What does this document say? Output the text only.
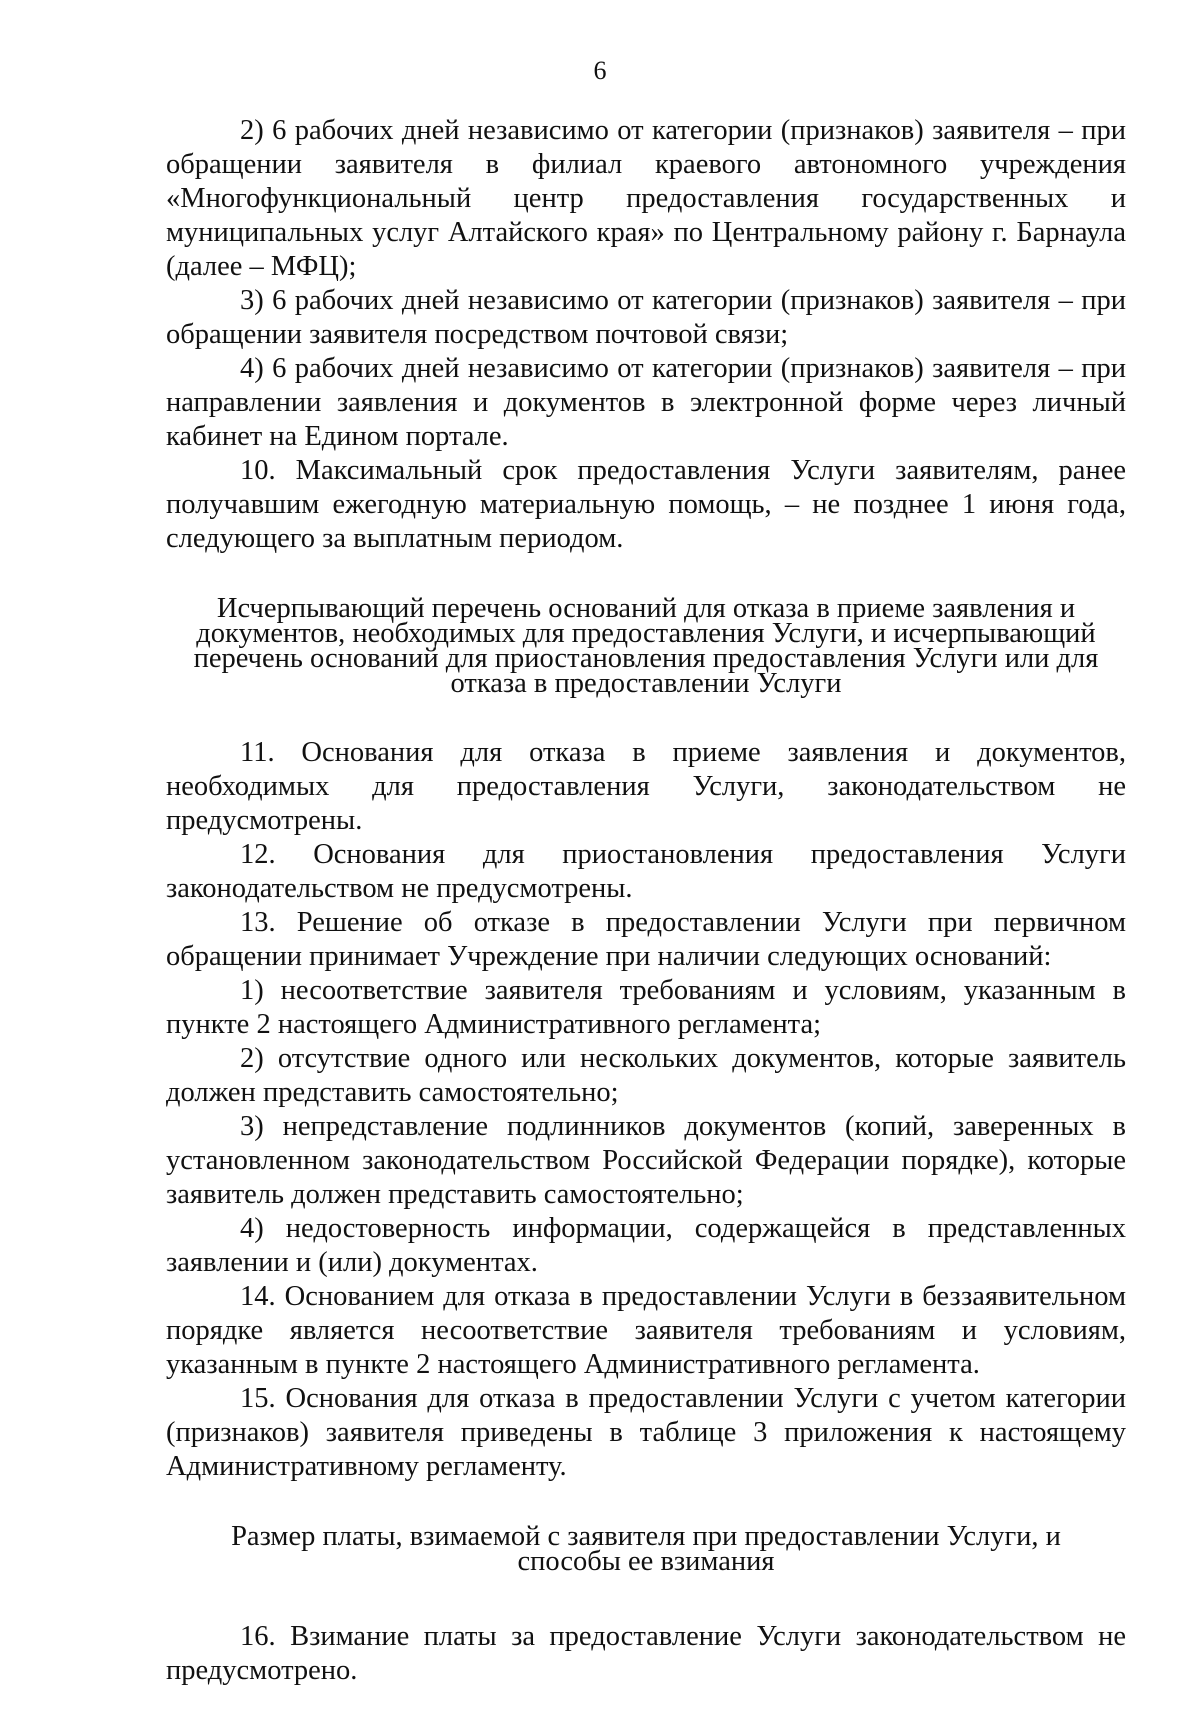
6

2) 6 рабочих дней независимо от категории (признаков) заявителя – при обращении заявителя в филиал краевого автономного учреждения «Многофункциональный центр предоставления государственных и муниципальных услуг Алтайского края» по Центральному району г. Барнаула (далее – МФЦ);

3) 6 рабочих дней независимо от категории (признаков) заявителя – при обращении заявителя посредством почтовой связи;

4) 6 рабочих дней независимо от категории (признаков) заявителя – при направлении заявления и документов в электронной форме через личный кабинет на Едином портале.

10. Максимальный срок предоставления Услуги заявителям, ранее получавшим ежегодную материальную помощь, – не позднее 1 июня года, следующего за выплатным периодом.

Исчерпывающий перечень оснований для отказа в приеме заявления и документов, необходимых для предоставления Услуги, и исчерпывающий перечень оснований для приостановления предоставления Услуги или для отказа в предоставлении Услуги

11. Основания для отказа в приеме заявления и документов, необходимых для предоставления Услуги, законодательством не предусмотрены.

12. Основания для приостановления предоставления Услуги законодательством не предусмотрены.

13. Решение об отказе в предоставлении Услуги при первичном обращении принимает Учреждение при наличии следующих оснований:

1) несоответствие заявителя требованиям и условиям, указанным в пункте 2 настоящего Административного регламента;

2) отсутствие одного или нескольких документов, которые заявитель должен представить самостоятельно;

3) непредставление подлинников документов (копий, заверенных в установленном законодательством Российской Федерации порядке), которые заявитель должен представить самостоятельно;

4) недостоверность информации, содержащейся в представленных заявлении и (или) документах.

14. Основанием для отказа в предоставлении Услуги в беззаявительном порядке является несоответствие заявителя требованиям и условиям, указанным в пункте 2 настоящего Административного регламента.

15. Основания для отказа в предоставлении Услуги с учетом категории (признаков) заявителя приведены в таблице 3 приложения к настоящему Административному регламенту.

Размер платы, взимаемой с заявителя при предоставлении Услуги, и способы ее взимания

16. Взимание платы за предоставление Услуги законодательством не предусмотрено.
